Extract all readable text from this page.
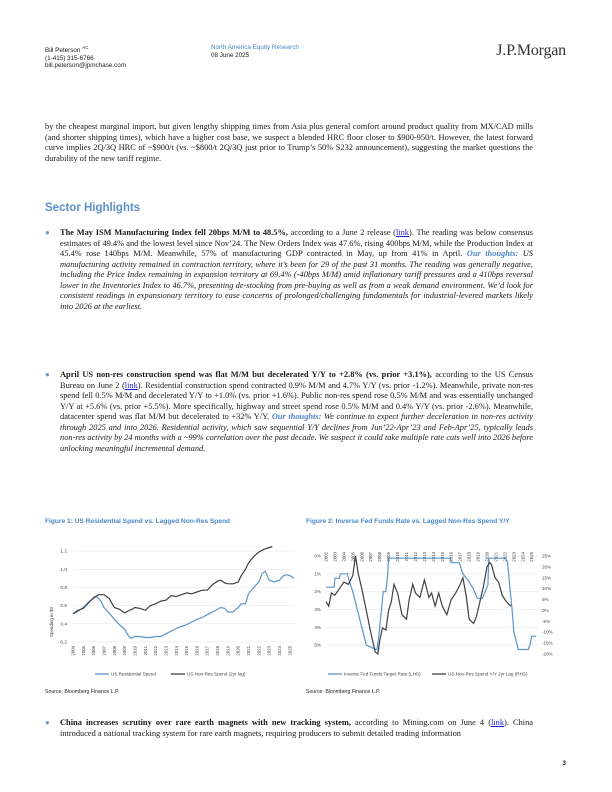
Bill Peterson $^{AC}$
(1-415) 315-6766
bill.peterson@jpmchase.com
North America Equity Research
08 June 2025	J.P.Morgan
by the cheapest marginal import, but given lengthy shipping times from Asia plus general comfort around product quality from MX/CAD mills (and shorter shipping times), which have a higher cost base, we suspect a blended HRC floor closer to $900-950/t. However, the latest forward curve implies 2Q/3Q HRC of ~$900/t (vs. ~$800/t 2Q/3Q just prior to Trump’s 50% S232 announcement), suggesting the market questions the durability of the new tariff regime.
Sector Highlights
● The May ISM Manufacturing Index fell 20bps M/M to 48.5%, according to a June 2 release (link). The reading was below consensus estimates of 49.4% and the lowest level since Nov’24. The New Orders Index was 47.6%, rising 400bps M/M, while the Production Index at 45.4% rose 140bps M/M. Meanwhile, 57% of manufacturing GDP contracted in May, up from 41% in April. Our thoughts: US manufacturing activity remained in contraction territory, where it’s been for 29 of the past 31 months. The reading was generally negative, including the Price Index remaining in expansion territory at 69.4% (-40bps M/M) amid inflationary tariff pressures and a 410bps reversal lower in the Inventories Index to 46.7%, presenting de-stocking from pre-buying as well as from a weak demand environment. We’d look for consistent readings in expansionary territory to ease concerns of prolonged/challenging fundamentals for industrial-levered markets likely into 2026 at the earliest.
● April US non-res construction spend was flat M/M but decelerated Y/Y to +2.8% (vs. prior +3.1%), according to the US Census Bureau on June 2 (link). Residential construction spend contracted 0.9% M/M and 4.7% Y/Y (vs. prior -1.2%). Meanwhile, private non-res spend fell 0.5% M/M and decelerated Y/Y to +1.0% (vs. prior +1.6%). Public non-res spend rose 0.5% M/M and was essentially unchanged Y/Y at +5.6% (vs. prior +5.5%). More specifically, highway and street spend rose 0.5% M/M and 0.4% Y/Y (vs. prior -2.6%). Meanwhile, datacenter spend was flat M/M but decelerated to +32% Y/Y. Our thoughts: We continue to expect further deceleration in non-res activity through 2025 and into 2026. Residential activity, which saw sequential Y/Y declines from Jun’22-Apr’23 and Feb-Apr’25, typically leads non-res activity by 24 months with a ~99% correlation over the past decade. We suspect it could take multiple rate cuts well into 2026 before unlocking meaningful incremental demand.
Figure 1: US Residential Spend vs. Lagged Non-Res Spend	Figure 2: Inverse Fed Funds Rate vs. Lagged Non-Res Spend Y/Y
0.2
0.4
0.6
0.8
1.0
1.2
2004 2005 2006 2007 2008 2009 2010 2011 2012 2013 2014 2015 2016 2017 2018 2019 2020 2021 2022 2023 2024 2025
Spending in $tr
US Residential Spend	US Non-Res Spend (2yr lag)
0%
1%
2%
3%
4%
5%
25%
20%
15%
10%
5%
0%
-5%
-10%
-15%
-20%
2002 2003 2004 2005 2006 2007 2008 2009 2010 2011 2012 2013 2014 2015 2016 2017 2018 2019 2020 2021 2022 2023 2024 2025
Inverse Fed Funds Target Rate (LHS)	US Non-Res Spend Y/Y 2yr Lag (RHS)
Source: Bloomberg Finance L.P.	Source: Bloomberg Finance L.P.
● China increases scrutiny over rare earth magnets with new tracking system, according to Mining.com on June 4 (link). China introduced a national tracking system for rare earth magnets, requiring producers to submit detailed trading information
3
